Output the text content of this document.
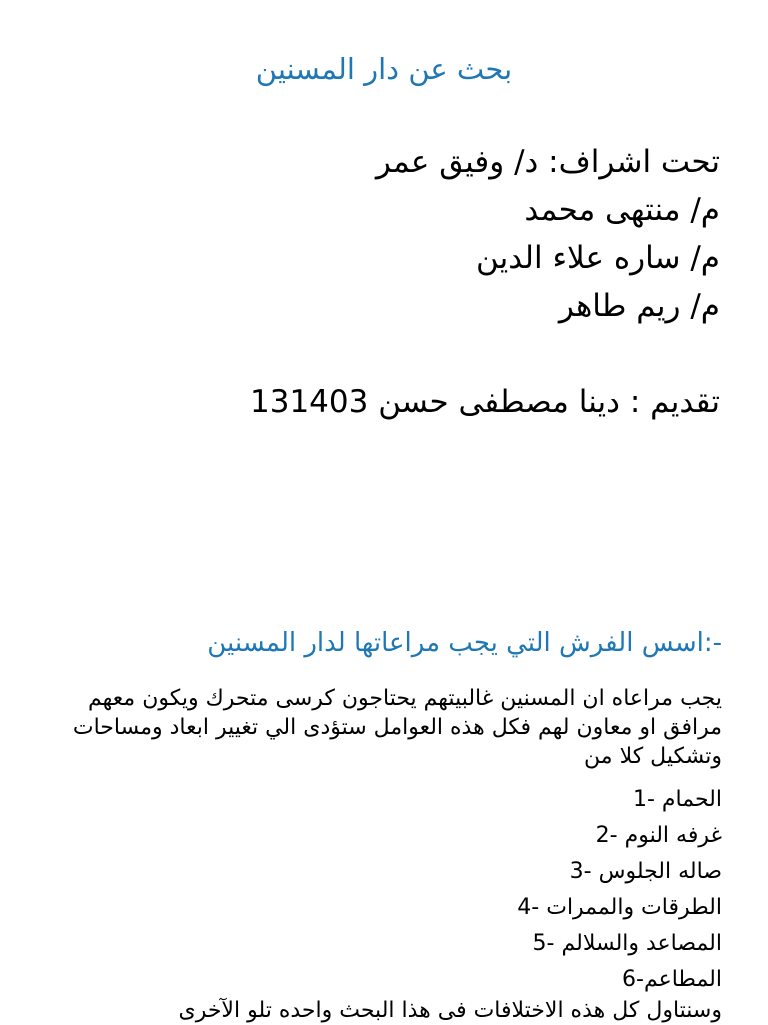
بحث عن دار المسنين
تحت اشراف: د/ وفيق عمر
م/ منتهى محمد
م/ ساره علاء الدين
م/ ريم طاهر
تقديم : دينا مصطفى حسن 131403
-:اسس الفرش التي يجب مراعاتها لدار المسنين

يجب مراعاه ان المسنين غالبيتهم يحتاجون كرسى متحرك ويكون معهم مرافق او معاون لهم فكل هذه العوامل ستؤدى الي تغيير ابعاد ومساحات وتشكيل كلا من

الحمام -1
غرفه النوم -2
صاله الجلوس -3
الطرقات والممرات -4
المصاعد والسلالم -5
المطاعم-6
وسنتاول كل هذه الاختلافات فى هذا البحث واحده تلو الآخرى
